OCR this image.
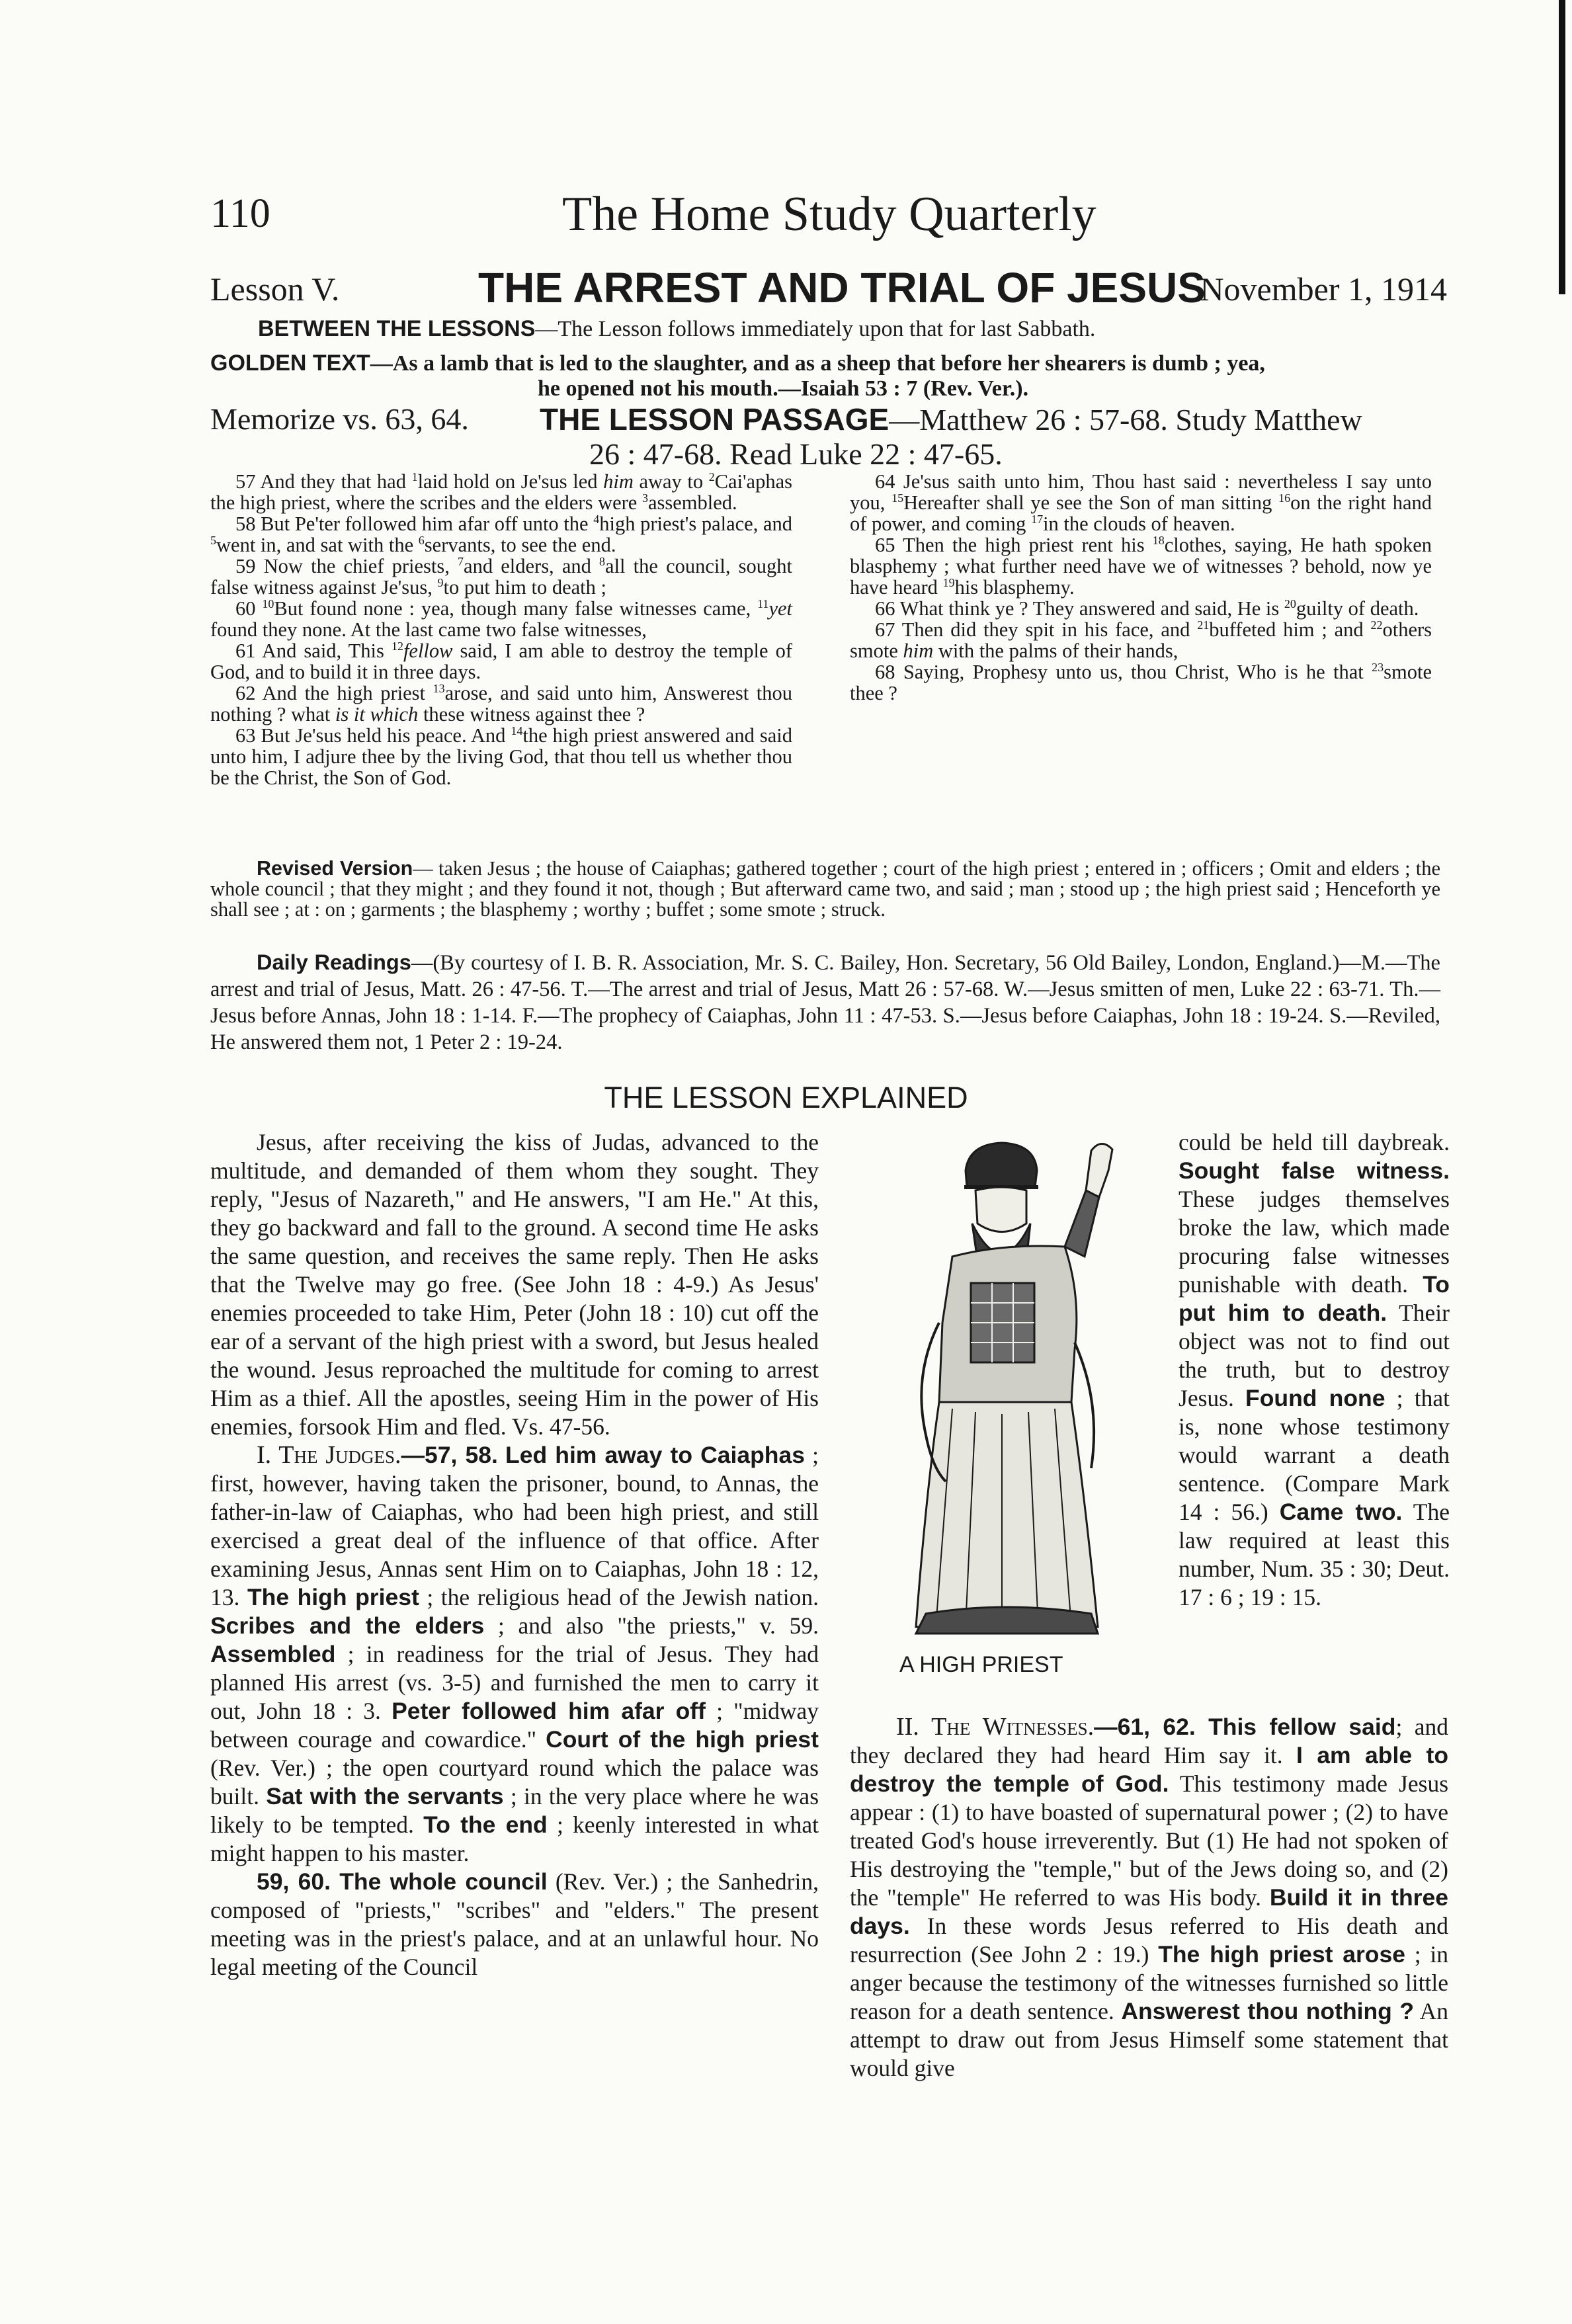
110	The Home Study Quarterly
Lesson V.	THE ARREST AND TRIAL OF JESUS
November 1, 1914
BETWEEN THE LESSONS—The Lesson follows immediately upon that for last Sabbath.
GOLDEN TEXT—As a lamb that is led to the slaughter, and as a sheep that before her shearers is dumb ; yea,
he opened not his mouth.—Isaiah 53 : 7 (Rev. Ver.).
Memorize vs. 63, 64. THE LESSON PASSAGE—Matthew 26 : 57-68. Study Matthew
26 : 47-68. Read Luke 22 : 47-65.

57 And they that had $^1$laid hold on Je'sus led him away to $^2$Cai'aphas the high priest, where the scribes and the elders were $^3$assembled.

58 But Pe'ter followed him afar off unto the $^4$high priest's palace, and $^5$went in, and sat with the $^6$servants, to see the end.

59 Now the chief priests, $^7$and elders, and $^8$all the council, sought false witness against Je'sus, $^9$to put him to death ;

60 $^{10}$But found none : yea, though many false witnesses came, $^{11}$yet found they none. At the last came two false witnesses,

61 And said, This $^{12}$fellow said, I am able to destroy the temple of God, and to build it in three days.

62 And the high priest $^{13}$arose, and said unto him, Answerest thou nothing ? what is it which these witness against thee ?

63 But Je'sus held his peace. And $^{14}$the high priest answered and said unto him, I adjure thee by the living God, that thou tell us whether thou be the Christ, the Son of God.

64 Je'sus saith unto him, Thou hast said : nevertheless I say unto you, $^{15}$Hereafter shall ye see the Son of man sitting $^{16}$on the right hand of power, and coming $^{17}$in the clouds of heaven.

65 Then the high priest rent his $^{18}$clothes, saying, He hath spoken blasphemy ; what further need have we of witnesses ? behold, now ye have heard $^{19}$his blasphemy.

66 What think ye ? They answered and said, He is $^{20}$guilty of death.

67 Then did they spit in his face, and $^{21}$buffeted him ; and $^{22}$others smote him with the palms of their hands,

68 Saying, Prophesy unto us, thou Christ, Who is he that $^{23}$smote thee ?

Revised Version— taken Jesus ; the house of Caiaphas; gathered together ; court of the high priest ; entered in ; officers ; Omit and elders ; the whole council ; that they might ; and they found it not, though ; But afterward came two, and said ; man ; stood up ; the high priest said ; Henceforth ye shall see ; at : on ; garments ; the blasphemy ; worthy ; buffet ; some smote ; struck.
Daily Readings—(By courtesy of I. B. R. Association, Mr. S. C. Bailey, Hon. Secretary, 56 Old Bailey, London, England.)—M.—The arrest and trial of Jesus, Matt. 26 : 47-56. T.—The arrest and trial of Jesus, Matt 26 : 57-68. W.—Jesus smitten of men, Luke 22 : 63-71. Th.—Jesus before Annas, John 18 : 1-14. F.—The prophecy of Caiaphas, John 11 : 47-53. S.—Jesus before Caiaphas, John 18 : 19-24. S.—Reviled, He answered them not, 1 Peter 2 : 19-24.
THE LESSON EXPLAINED

Jesus, after receiving the kiss of Judas, advanced to the multitude, and demanded of them whom they sought. They reply, "Jesus of Nazareth," and He answers, "I am He." At this, they go backward and fall to the ground. A second time He asks the same question, and receives the same reply. Then He asks that the Twelve may go free. (See John 18 : 4-9.) As Jesus' enemies proceeded to take Him, Peter (John 18 : 10) cut off the ear of a servant of the high priest with a sword, but Jesus healed the wound. Jesus reproached the multitude for coming to arrest Him as a thief. All the apostles, seeing Him in the power of His enemies, forsook Him and fled. Vs. 47-56.

I. The Judges.—57, 58. Led him away to Caiaphas ; first, however, having taken the prisoner, bound, to Annas, the father-in-law of Caiaphas, who had been high priest, and still exercised a great deal of the influence of that office. After examining Jesus, Annas sent Him on to Caiaphas, John 18 : 12, 13. The high priest ; the religious head of the Jewish nation. Scribes and the elders ; and also "the priests," v. 59. Assembled ; in readiness for the trial of Jesus. They had planned His arrest (vs. 3-5) and furnished the men to carry it out, John 18 : 3. Peter followed him afar off ; "midway between courage and cowardice." Court of the high priest (Rev. Ver.) ; the open courtyard round which the palace was built. Sat with the servants ; in the very place where he was likely to be tempted. To the end ; keenly interested in what might happen to his master.

59, 60. The whole council (Rev. Ver.) ; the Sanhedrin, composed of "priests," "scribes" and "elders." The present meeting was in the priest's palace, and at an unlawful hour. No legal meeting of the Council

A HIGH PRIEST

could be held till daybreak. Sought false witness. These judges themselves broke the law, which made procuring false witnesses punishable with death. To put him to death. Their object was not to find out the truth, but to destroy Jesus. Found none ; that is, none whose testimony would warrant a death sentence. (Compare Mark 14 : 56.) Came two. The law required at least this number, Num. 35 : 30; Deut. 17 : 6 ; 19 : 15.

II. The Witnesses.—61, 62. This fellow said; and they declared they had heard Him say it. I am able to destroy the temple of God. This testimony made Jesus appear : (1) to have boasted of supernatural power ; (2) to have treated God's house irreverently. But (1) He had not spoken of His destroying the "temple," but of the Jews doing so, and (2) the "temple" He referred to was His body. Build it in three days. In these words Jesus referred to His death and resurrection (See John 2 : 19.) The high priest arose ; in anger because the testimony of the witnesses furnished so little reason for a death sentence. Answerest thou nothing ? An attempt to draw out from Jesus Himself some statement that would give
